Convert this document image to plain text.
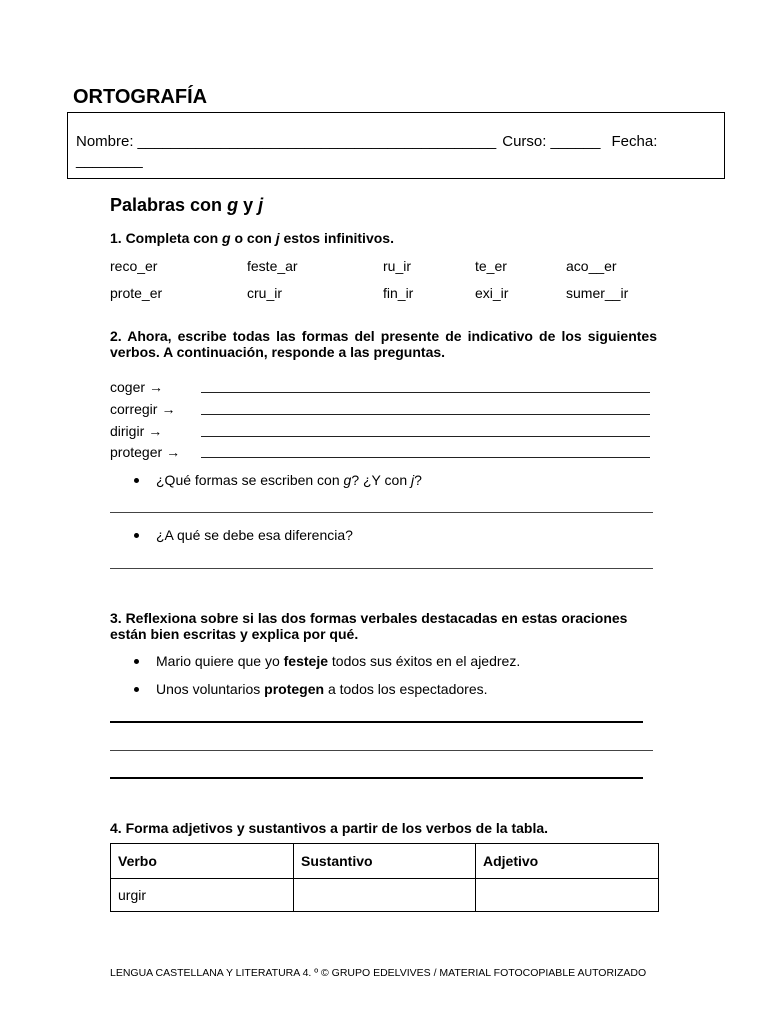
ORTOGRAFÍA
Nombre: ___________________________________________ Curso: ______ Fecha:
________
Palabras con g y j
1. Completa con g o con j estos infinitivos.
reco_er	feste_ar	ru_ir	te_er	aco__er
prote_er	cru_ir	fin_ir	exi_ir	sumer__ir
2. Ahora, escribe todas las formas del presente de indicativo de los siguientes verbos. A continuación, responde a las preguntas.
coger →
corregir →
dirigir →
proteger →
¿Qué formas se escriben con g? ¿Y con j?
¿A qué se debe esa diferencia?
3. Reflexiona sobre si las dos formas verbales destacadas en estas oraciones están bien escritas y explica por qué.
Mario quiere que yo festeje todos sus éxitos en el ajedrez.
Unos voluntarios protegen a todos los espectadores.
4. Forma adjetivos y sustantivos a partir de los verbos de la tabla.
Verbo	Sustantivo	Adjetivo
urgir		
LENGUA CASTELLANA Y LITERATURA 4. º © GRUPO EDELVIVES / MATERIAL FOTOCOPIABLE AUTORIZADO
